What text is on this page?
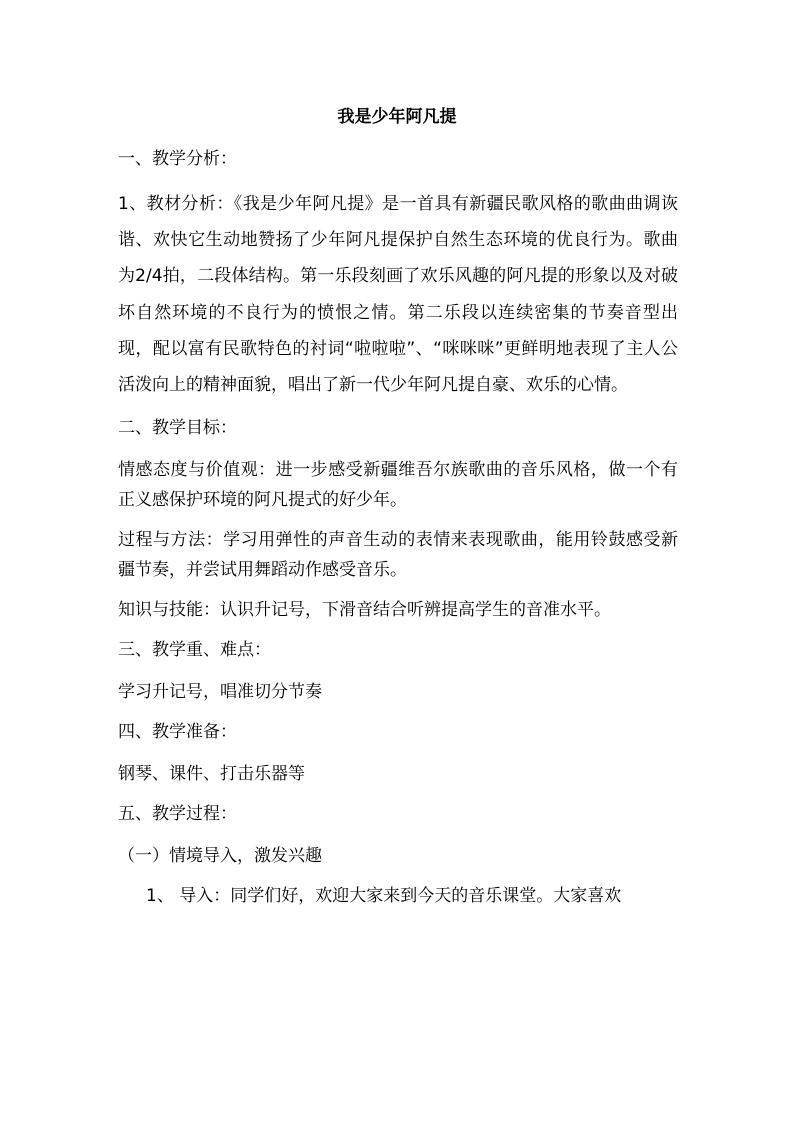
我是少年阿凡提

一、教学分析：

1、教材分析：《我是少年阿凡提》是一首具有新疆民歌风格的歌曲曲调诙谐、欢快它生动地赞扬了少年阿凡提保护自然生态环境的优良行为。歌曲为2/4拍，二段体结构。第一乐段刻画了欢乐风趣的阿凡提的形象以及对破坏自然环境的不良行为的愤恨之情。第二乐段以连续密集的节奏音型出现，配以富有民歌特色的衬词“啦啦啦”、“咪咪咪”更鲜明地表现了主人公活泼向上的精神面貌，唱出了新一代少年阿凡提自豪、欢乐的心情。

二、教学目标：

情感态度与价值观：进一步感受新疆维吾尔族歌曲的音乐风格，做一个有正义感保护环境的阿凡提式的好少年。

过程与方法：学习用弹性的声音生动的表情来表现歌曲，能用铃鼓感受新疆节奏，并尝试用舞蹈动作感受音乐。

知识与技能：认识升记号，下滑音结合听辨提高学生的音准水平。

三、教学重、难点：

学习升记号，唱准切分节奏

四、教学准备：

钢琴、课件、打击乐器等

五、教学过程：

（一）情境导入，激发兴趣

1、 导入：同学们好，欢迎大家来到今天的音乐课堂。大家喜欢
